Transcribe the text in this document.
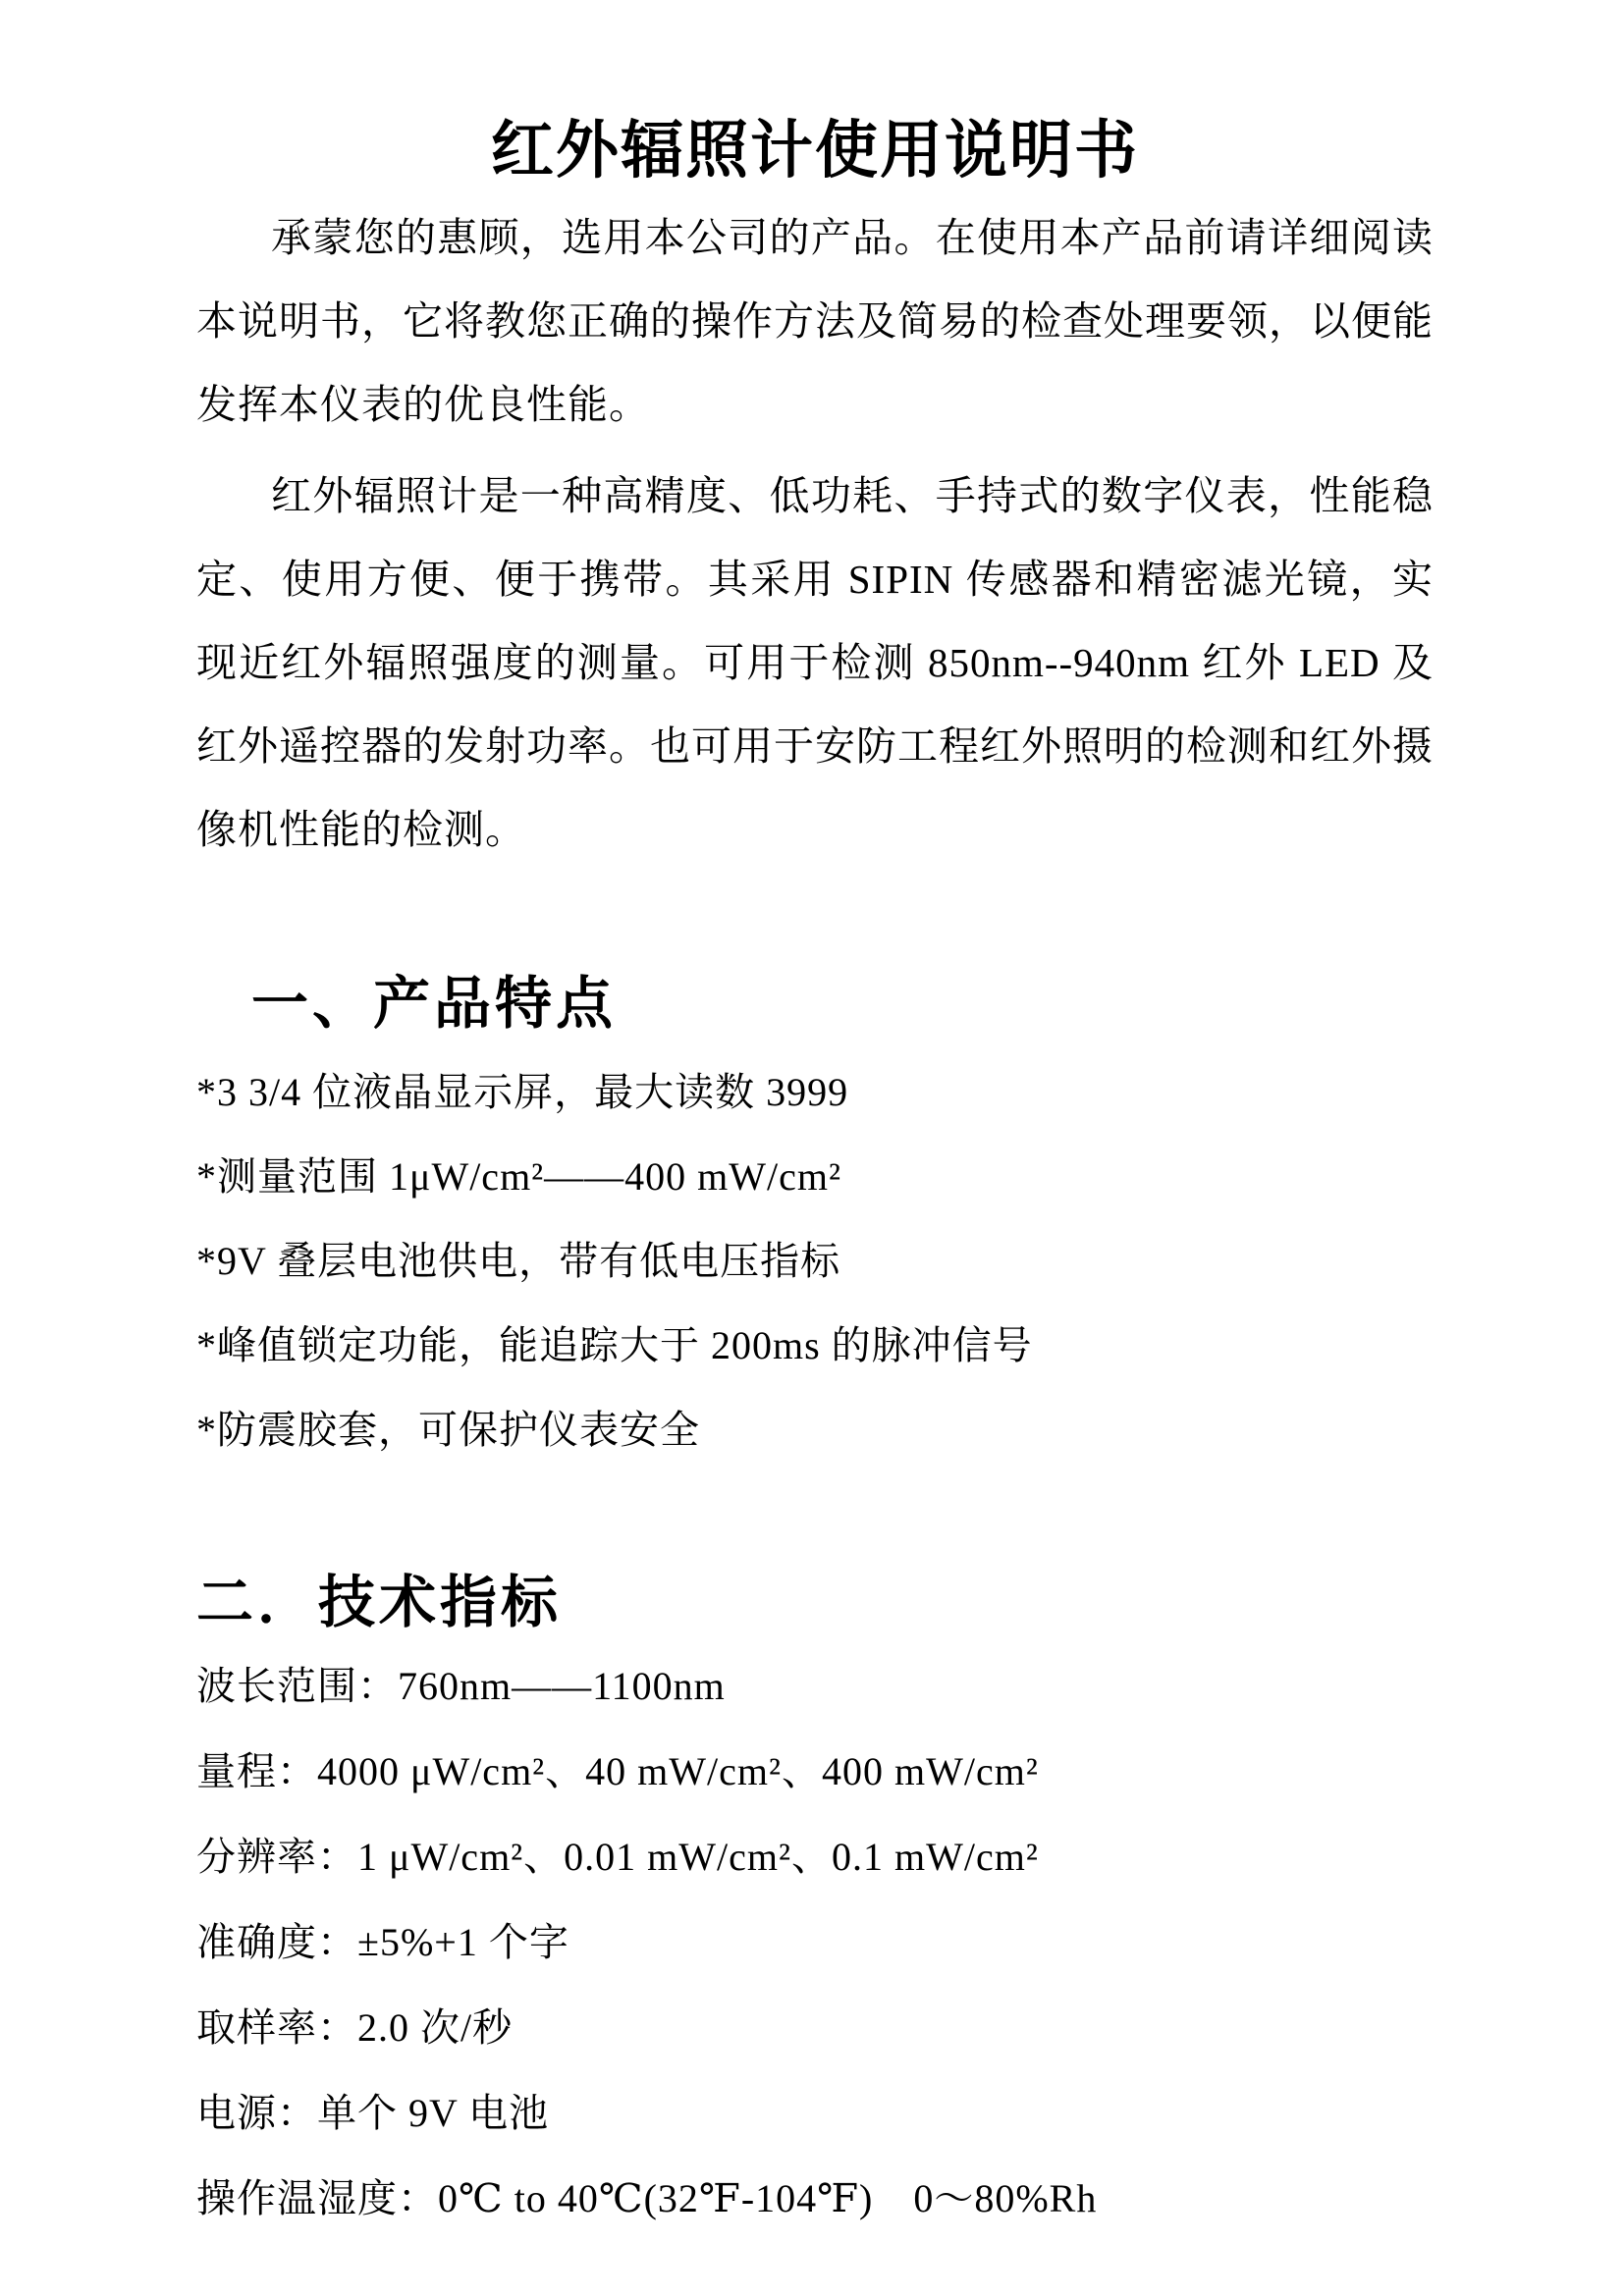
红外辐照计使用说明书

承蒙您的惠顾，选用本公司的产品。在使用本产品前请详细阅读本说明书，它将教您正确的操作方法及简易的检查处理要领，以便能发挥本仪表的优良性能。

红外辐照计是一种高精度、低功耗、手持式的数字仪表，性能稳定、使用方便、便于携带。其采用 SIPIN 传感器和精密滤光镜，实现近红外辐照强度的测量。可用于检测 850nm--940nm 红外 LED 及红外遥控器的发射功率。也可用于安防工程红外照明的检测和红外摄像机性能的检测。

一、产品特点

*3 3/4 位液晶显示屏，最大读数 3999

*测量范围 1μW/cm²——400 mW/cm²

*9V 叠层电池供电，带有低电压指标

*峰值锁定功能，能追踪大于 200ms 的脉冲信号

*防震胶套，可保护仪表安全

二．技术指标

波长范围：760nm——1100nm

量程：4000 μW/cm²、40 mW/cm²、400 mW/cm²

分辨率：1 μW/cm²、0.01 mW/cm²、0.1 mW/cm²

准确度：±5%+1 个字

取样率：2.0 次/秒

电源：单个 9V 电池

操作温湿度：0℃ to 40℃(32℉-104℉)　0～80%Rh
